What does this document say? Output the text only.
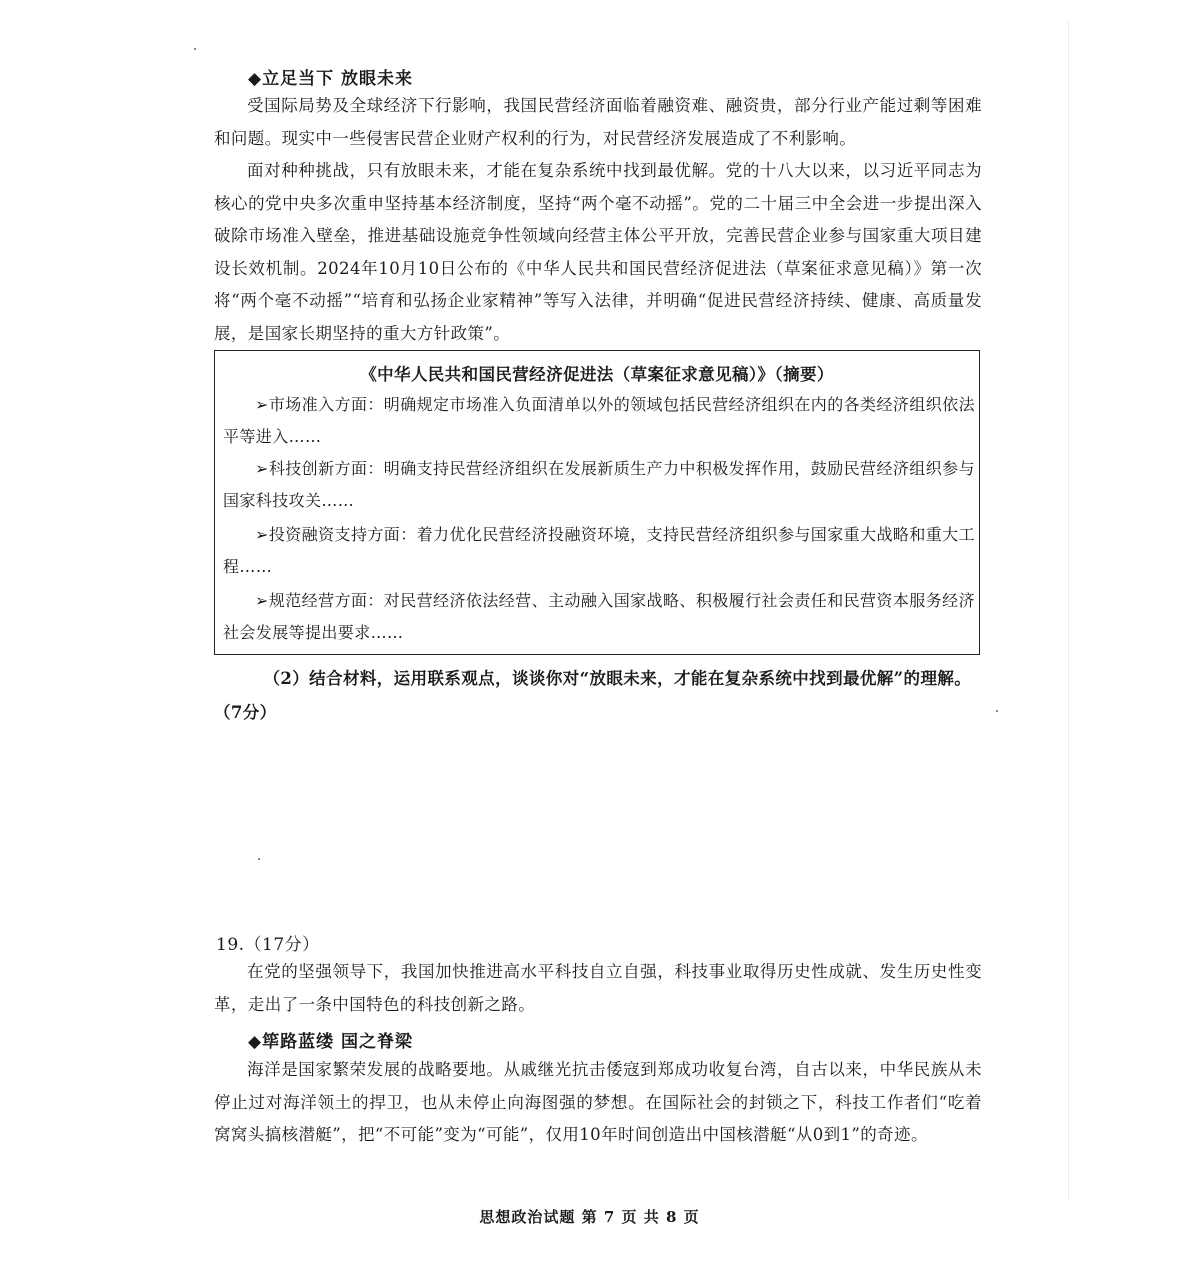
◆立足当下 放眼未来
受国际局势及全球经济下行影响，我国民营经济面临着融资难、融资贵，部分行业产能过剩等困难和问题。现实中一些侵害民营企业财产权利的行为，对民营经济发展造成了不利影响。
面对种种挑战，只有放眼未来，才能在复杂系统中找到最优解。党的十八大以来，以习近平同志为核心的党中央多次重申坚持基本经济制度，坚持“两个毫不动摇”。党的二十届三中全会进一步提出深入破除市场准入壁垒，推进基础设施竞争性领域向经营主体公平开放，完善民营企业参与国家重大项目建设长效机制。2024年10月10日公布的《中华人民共和国民营经济促进法（草案征求意见稿）》第一次将“两个毫不动摇”“培育和弘扬企业家精神”等写入法律，并明确“促进民营经济持续、健康、高质量发展，是国家长期坚持的重大方针政策”。
《中华人民共和国民营经济促进法（草案征求意见稿）》（摘要）
➢市场准入方面：明确规定市场准入负面清单以外的领域包括民营经济组织在内的各类经济组织依法平等进入……
➢科技创新方面：明确支持民营经济组织在发展新质生产力中积极发挥作用，鼓励民营经济组织参与国家科技攻关……
➢投资融资支持方面：着力优化民营经济投融资环境，支持民营经济组织参与国家重大战略和重大工程……
➢规范经营方面：对民营经济依法经营、主动融入国家战略、积极履行社会责任和民营资本服务经济社会发展等提出要求……
（2）结合材料，运用联系观点，谈谈你对“放眼未来，才能在复杂系统中找到最优解”的理解。（7分）
19.（17分）
在党的坚强领导下，我国加快推进高水平科技自立自强，科技事业取得历史性成就、发生历史性变革，走出了一条中国特色的科技创新之路。
◆筚路蓝缕 国之脊梁
海洋是国家繁荣发展的战略要地。从戚继光抗击倭寇到郑成功收复台湾，自古以来，中华民族从未停止过对海洋领土的捍卫，也从未停止向海图强的梦想。在国际社会的封锁之下，科技工作者们“吃着窝窝头搞核潜艇”，把“不可能”变为“可能”，仅用10年时间创造出中国核潜艇“从0到1”的奇迹。
思想政治试题 第 7 页 共 8 页
